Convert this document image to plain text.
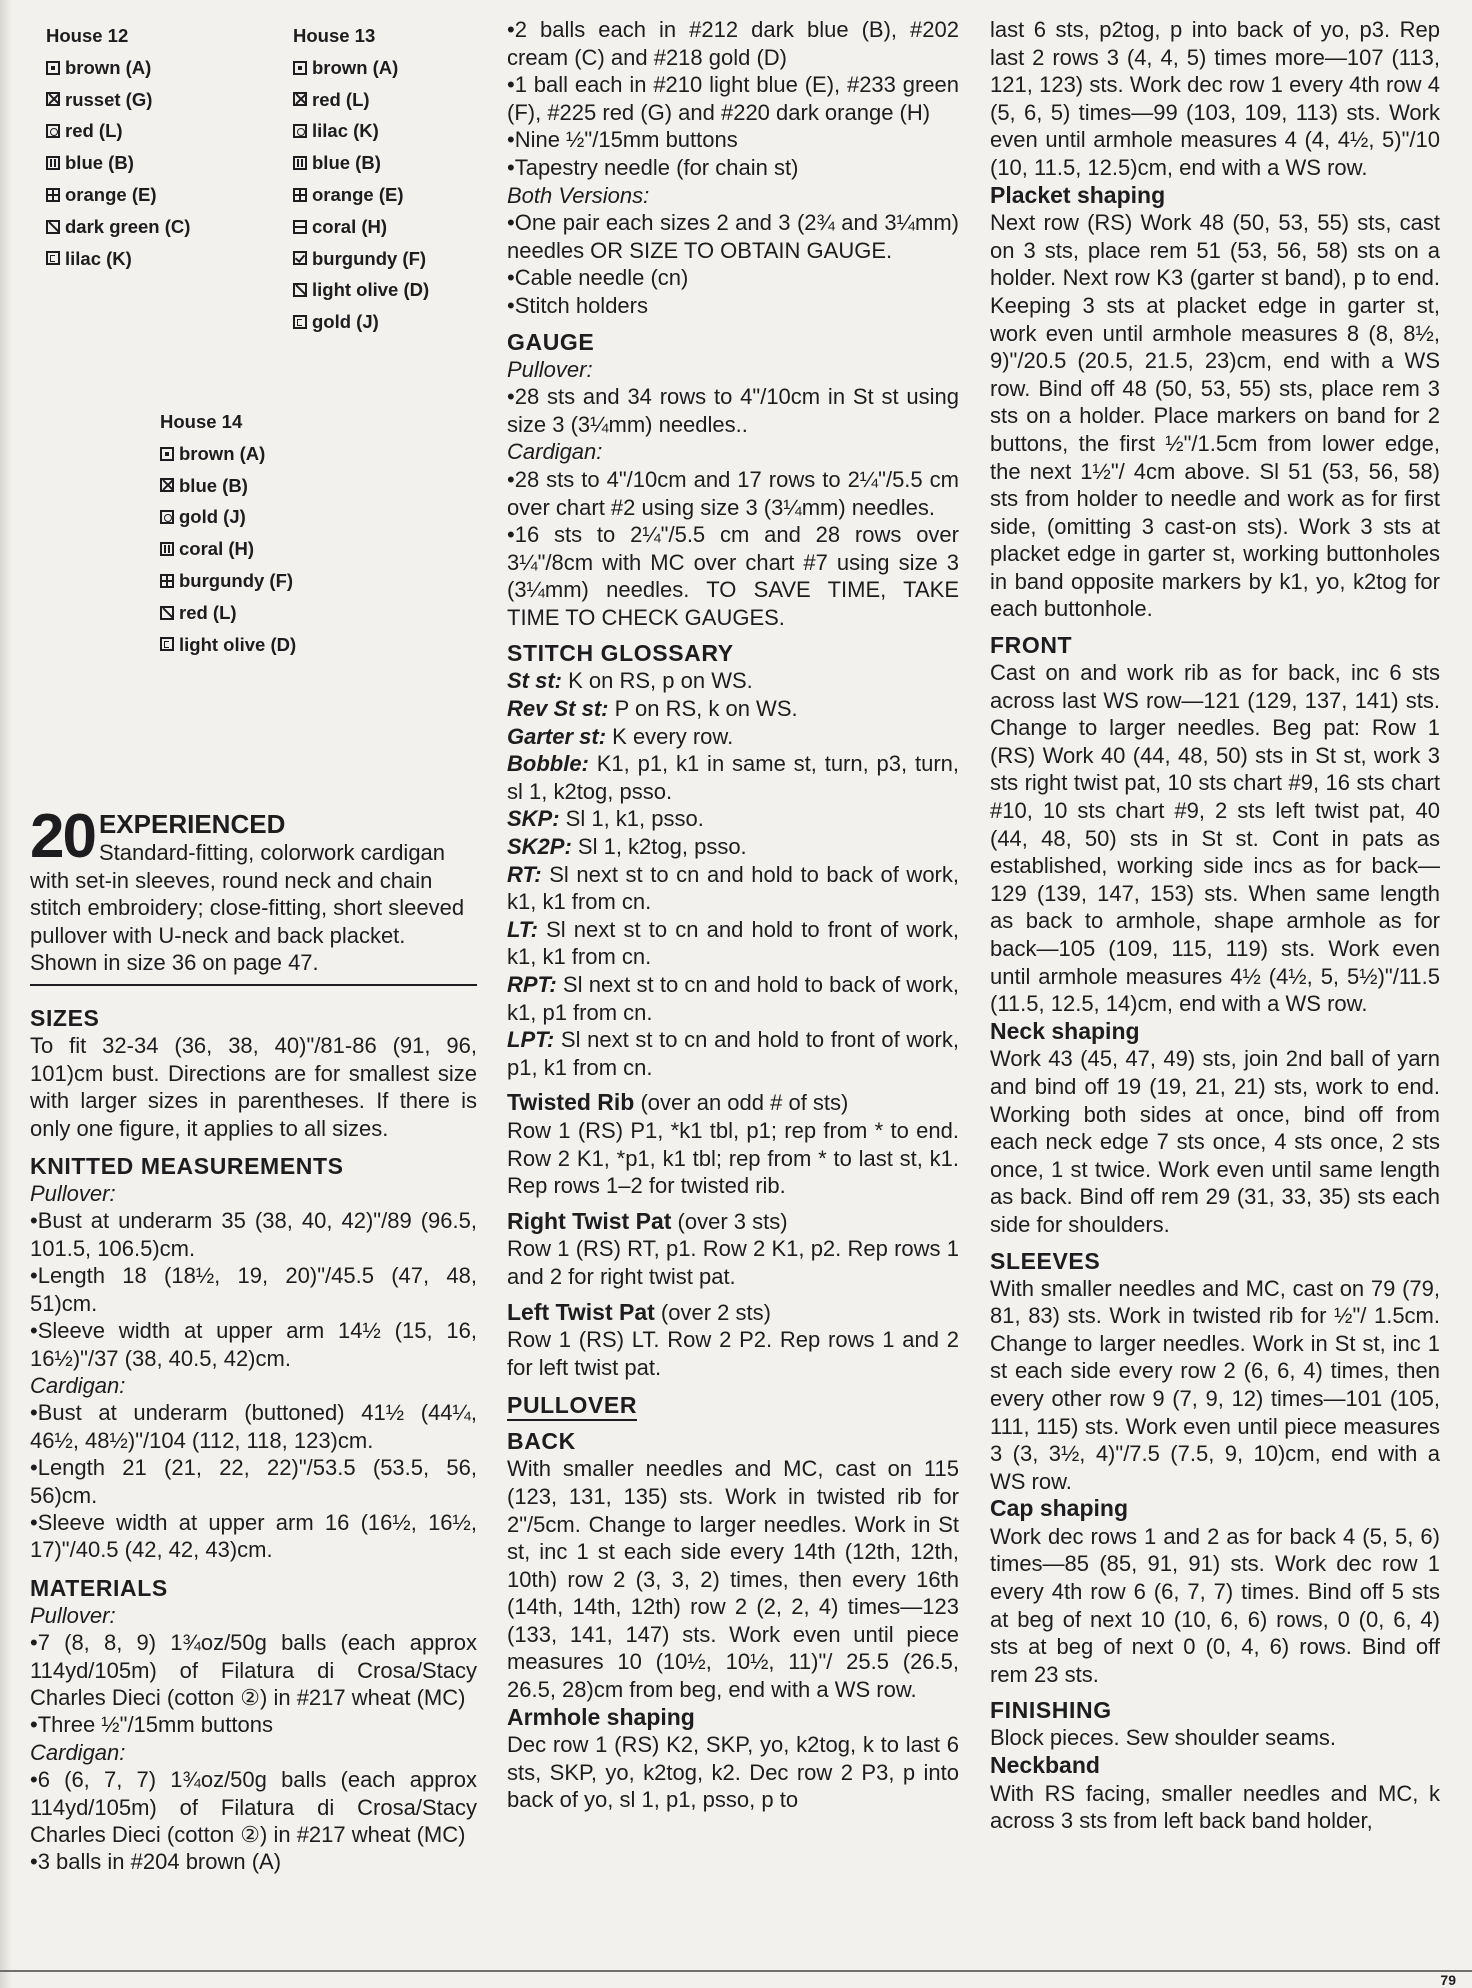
House 12
brown (A)
russet (G)
red (L)
blue (B)
orange (E)
dark green (C)
lilac (K)
House 13
brown (A)
red (L)
lilac (K)
blue (B)
orange (E)
coral (H)
burgundy (F)
light olive (D)
gold (J)
House 14
brown (A)
blue (B)
gold (J)
coral (H)
burgundy (F)
red (L)
light olive (D)
20 EXPERIENCED
Standard-fitting, colorwork cardigan with set-in sleeves, round neck and chain stitch embroidery; close-fitting, short sleeved pullover with U-neck and back placket. Shown in size 36 on page 47.
SIZES
To fit 32-34 (36, 38, 40)"/81-86 (91, 96, 101)cm bust. Directions are for smallest size with larger sizes in parentheses. If there is only one figure, it applies to all sizes.
KNITTED MEASUREMENTS
Pullover:
• Bust at underarm 35 (38, 40, 42)"/89 (96.5, 101.5, 106.5)cm.
• Length 18 (18½, 19, 20)"/45.5 (47, 48, 51)cm.
• Sleeve width at upper arm 14½ (15, 16, 16½)"/37 (38, 40.5, 42)cm.
Cardigan:
• Bust at underarm (buttoned) 41½ (44¼, 46½, 48½)"/104 (112, 118, 123)cm.
• Length 21 (21, 22, 22)"/53.5 (53.5, 56, 56)cm.
• Sleeve width at upper arm 16 (16½, 16½, 17)"/40.5 (42, 42, 43)cm.
MATERIALS
Pullover:
• 7 (8, 8, 9) 1¾oz/50g balls (each approx 114yd/105m) of Filatura di Crosa/Stacy Charles Dieci (cotton ②) in #217 wheat (MC)
• Three ½"/15mm buttons
Cardigan:
• 6 (6, 7, 7) 1¾oz/50g balls (each approx 114yd/105m) of Filatura di Crosa/Stacy Charles Dieci (cotton ②) in #217 wheat (MC)
• 3 balls in #204 brown (A)
• 2 balls each in #212 dark blue (B), #202 cream (C) and #218 gold (D)
• 1 ball each in #210 light blue (E), #233 green (F), #225 red (G) and #220 dark orange (H)
• Nine ½"/15mm buttons
• Tapestry needle (for chain st)
Both Versions:
• One pair each sizes 2 and 3 (2¾ and 3¼mm) needles OR SIZE TO OBTAIN GAUGE.
• Cable needle (cn)
• Stitch holders
GAUGE
Pullover:
• 28 sts and 34 rows to 4"/10cm in St st using size 3 (3¼mm) needles..
Cardigan:
• 28 sts to 4"/10cm and 17 rows to 2¼"/5.5 cm over chart #2 using size 3 (3¼mm) needles.
• 16 sts to 2¼"/5.5 cm and 28 rows over 3¼"/8cm with MC over chart #7 using size 3 (3¼mm) needles. TO SAVE TIME, TAKE TIME TO CHECK GAUGES.
STITCH GLOSSARY
St st: K on RS, p on WS.
Rev St st: P on RS, k on WS.
Garter st: K every row.
Bobble: K1, p1, k1 in same st, turn, p3, turn, sl 1, k2tog, psso.
SKP: Sl 1, k1, psso.
SK2P: Sl 1, k2tog, psso.
RT: Sl next st to cn and hold to back of work, k1, k1 from cn.
LT: Sl next st to cn and hold to front of work, k1, k1 from cn.
RPT: Sl next st to cn and hold to back of work, k1, p1 from cn.
LPT: Sl next st to cn and hold to front of work, p1, k1 from cn.
Twisted Rib (over an odd # of sts)
Row 1 (RS) P1, *k1 tbl, p1; rep from * to end. Row 2 K1, *p1, k1 tbl; rep from * to last st, k1. Rep rows 1–2 for twisted rib.
Right Twist Pat (over 3 sts)
Row 1 (RS) RT, p1. Row 2 K1, p2. Rep rows 1 and 2 for right twist pat.
Left Twist Pat (over 2 sts)
Row 1 (RS) LT. Row 2 P2. Rep rows 1 and 2 for left twist pat.
PULLOVER
BACK
With smaller needles and MC, cast on 115 (123, 131, 135) sts. Work in twisted rib for 2"/5cm. Change to larger needles. Work in St st, inc 1 st each side every 14th (12th, 12th, 10th) row 2 (3, 3, 2) times, then every 16th (14th, 14th, 12th) row 2 (2, 2, 4) times—123 (133, 141, 147) sts. Work even until piece measures 10 (10½, 10½, 11)"/ 25.5 (26.5, 26.5, 28)cm from beg, end with a WS row.
Armhole shaping
Dec row 1 (RS) K2, SKP, yo, k2tog, k to last 6 sts, SKP, yo, k2tog, k2. Dec row 2 P3, p into back of yo, sl 1, p1, psso, p to
last 6 sts, p2tog, p into back of yo, p3. Rep last 2 rows 3 (4, 4, 5) times more—107 (113, 121, 123) sts. Work dec row 1 every 4th row 4 (5, 6, 5) times—99 (103, 109, 113) sts. Work even until armhole measures 4 (4, 4½, 5)"/10 (10, 11.5, 12.5)cm, end with a WS row.
Placket shaping
Next row (RS) Work 48 (50, 53, 55) sts, cast on 3 sts, place rem 51 (53, 56, 58) sts on a holder. Next row K3 (garter st band), p to end. Keeping 3 sts at placket edge in garter st, work even until armhole measures 8 (8, 8½, 9)"/20.5 (20.5, 21.5, 23)cm, end with a WS row. Bind off 48 (50, 53, 55) sts, place rem 3 sts on a holder. Place markers on band for 2 buttons, the first ½"/1.5cm from lower edge, the next 1½"/ 4cm above. Sl 51 (53, 56, 58) sts from holder to needle and work as for first side, (omitting 3 cast-on sts). Work 3 sts at placket edge in garter st, working buttonholes in band opposite markers by k1, yo, k2tog for each buttonhole.
FRONT
Cast on and work rib as for back, inc 6 sts across last WS row—121 (129, 137, 141) sts. Change to larger needles. Beg pat: Row 1 (RS) Work 40 (44, 48, 50) sts in St st, work 3 sts right twist pat, 10 sts chart #9, 16 sts chart #10, 10 sts chart #9, 2 sts left twist pat, 40 (44, 48, 50) sts in St st. Cont in pats as established, working side incs as for back—129 (139, 147, 153) sts. When same length as back to armhole, shape armhole as for back—105 (109, 115, 119) sts. Work even until armhole measures 4½ (4½, 5, 5½)"/11.5 (11.5, 12.5, 14)cm, end with a WS row.
Neck shaping
Work 43 (45, 47, 49) sts, join 2nd ball of yarn and bind off 19 (19, 21, 21) sts, work to end. Working both sides at once, bind off from each neck edge 7 sts once, 4 sts once, 2 sts once, 1 st twice. Work even until same length as back. Bind off rem 29 (31, 33, 35) sts each side for shoulders.
SLEEVES
With smaller needles and MC, cast on 79 (79, 81, 83) sts. Work in twisted rib for ½"/ 1.5cm. Change to larger needles. Work in St st, inc 1 st each side every row 2 (6, 6, 4) times, then every other row 9 (7, 9, 12) times—101 (105, 111, 115) sts. Work even until piece measures 3 (3, 3½, 4)"/7.5 (7.5, 9, 10)cm, end with a WS row.
Cap shaping
Work dec rows 1 and 2 as for back 4 (5, 5, 6) times—85 (85, 91, 91) sts. Work dec row 1 every 4th row 6 (6, 7, 7) times. Bind off 5 sts at beg of next 10 (10, 6, 6) rows, 0 (0, 6, 4) sts at beg of next 0 (0, 4, 6) rows. Bind off rem 23 sts.
FINISHING
Block pieces. Sew shoulder seams.
Neckband
With RS facing, smaller needles and MC, k across 3 sts from left back band holder,
79
